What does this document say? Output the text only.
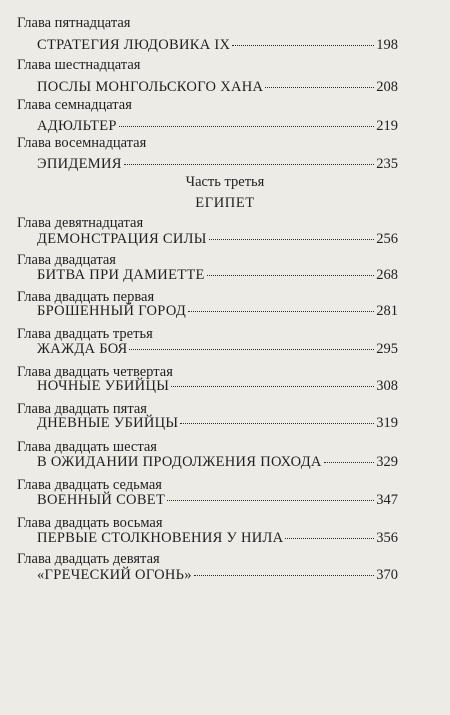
Глава пятнадцатая
СТРАТЕГИЯ ЛЮДОВИКА IX	198
Глава шестнадцатая
ПОСЛЫ МОНГОЛЬСКОГО ХАНА	208
Глава семнадцатая
АДЮЛЬТЕР	219
Глава восемнадцатая
ЭПИДЕМИЯ	235
Часть третья
ЕГИПЕТ
Глава девятнадцатая
ДЕМОНСТРАЦИЯ СИЛЫ	256
Глава двадцатая
БИТВА ПРИ ДАМИЕТТЕ	268
Глава двадцать первая
БРОШЕННЫЙ ГОРОД	281
Глава двадцать третья
ЖАЖДА БОЯ	295
Глава двадцать четвертая
НОЧНЫЕ УБИЙЦЫ	308
Глава двадцать пятая
ДНЕВНЫЕ УБИЙЦЫ	319
Глава двадцать шестая
В ОЖИДАНИИ ПРОДОЛЖЕНИЯ ПОХОДА	329
Глава двадцать седьмая
ВОЕННЫЙ СОВЕТ	347
Глава двадцать восьмая
ПЕРВЫЕ СТОЛКНОВЕНИЯ У НИЛА	356
Глава двадцать девятая
«ГРЕЧЕСКИЙ ОГОНЬ»	370
